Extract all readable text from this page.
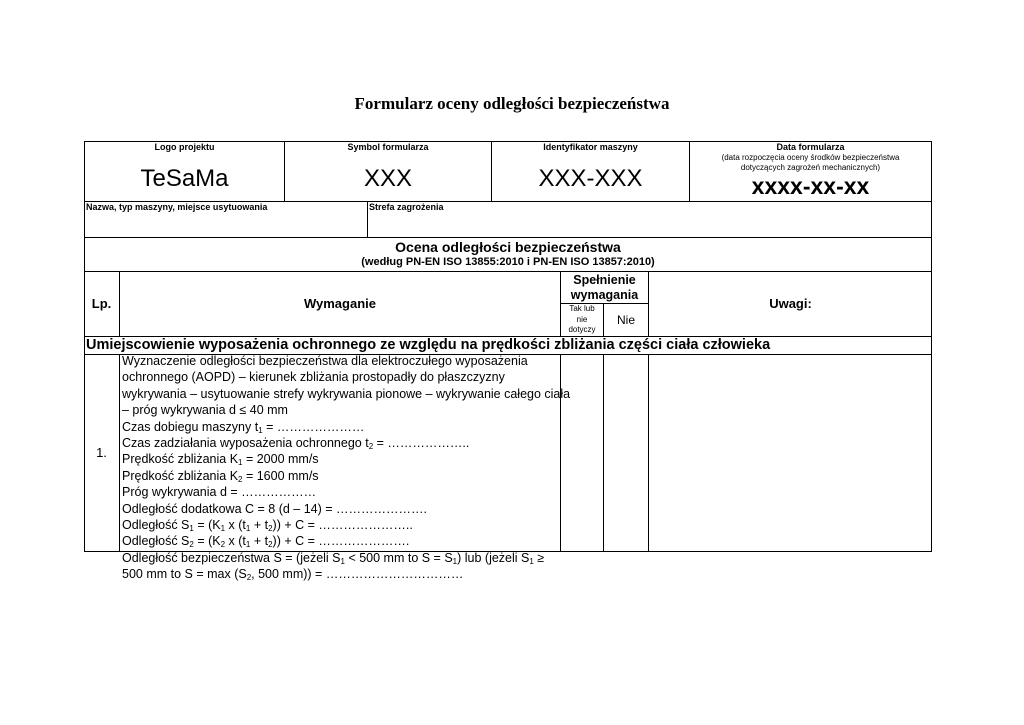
Formularz oceny odległości bezpieczeństwa
Logo projektu
TeSaMa
Symbol formularza
XXX
Identyfikator maszyny
XXX-XXX
Data formularza
(data rozpoczęcia oceny środków bezpieczeństwa
dotyczących zagrożeń mechanicznych)
xxxx-xx-xx
Nazwa, typ maszyny, miejsce usytuowania	Strefa zagrożenia
Ocena odległości bezpieczeństwa
(według PN-EN ISO 13855:2010 i PN-EN ISO 13857:2010)
Lp.	Wymaganie
Spełnienie
wymagania
Tak lub
nie
dotyczy
Nie
Uwagi:
Umiejscowienie wyposażenia ochronnego ze względu na prędkości zbliżania części ciała człowieka
1.
Wyznaczenie odległości bezpieczeństwa dla elektroczułego wyposażenia
ochronnego (AOPD) – kierunek zbliżania prostopadły do płaszczyzny
wykrywania – usytuowanie strefy wykrywania pionowe – wykrywanie całego ciała
– próg wykrywania d ≤ 40 mm
Czas dobiegu maszyny $t_1$ = …………………
Czas zadziałania wyposażenia ochronnego $t_2$ = ………………..
Prędkość zbliżania $K_1 = 2000$ mm/s
Prędkość zbliżania $K_2 = 1600$ mm/s
Próg wykrywania d = ………………
Odległość dodatkowa C = 8 (d – 14) = ………………….
Odległość $S_1 = (K_1$ x $(t_1 + t_2)) + C$ = …………………..
Odległość $S_2 = (K_2$ x $(t_1 + t_2)) + C$ = ………………….
Odległość bezpieczeństwa S = (jeżeli $S_1 < 500$ mm to $S = S_1$) lub (jeżeli $S_1$ ≥
500 mm to $S = \max (S_2$, 500 mm)) = ……………………………
